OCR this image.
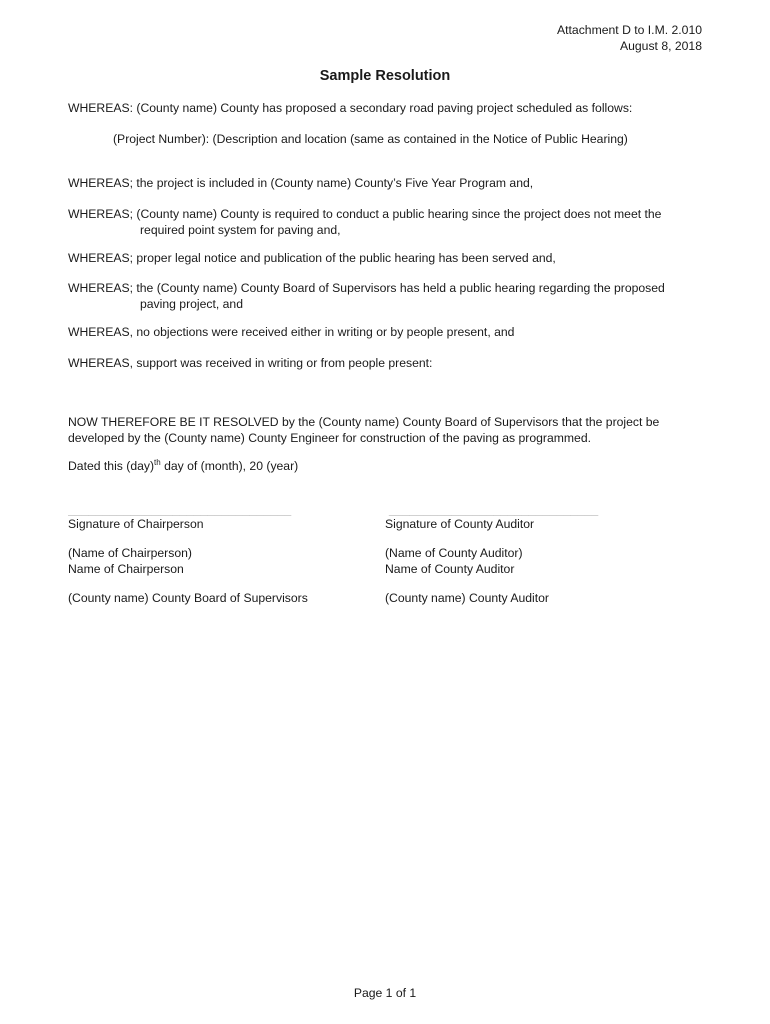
Attachment D to I.M. 2.010
August 8, 2018
Sample Resolution

WHEREAS: (County name) County has proposed a secondary road paving project scheduled as follows:

(Project Number): (Description and location (same as contained in the Notice of Public Hearing)

WHEREAS; the project is included in (County name) County’s Five Year Program and,

WHEREAS; (County name) County is required to conduct a public hearing since the project does not meet the
required point system for paving and,

WHEREAS; proper legal notice and publication of the public hearing has been served and,

WHEREAS; the (County name) County Board of Supervisors has held a public hearing regarding the proposed
paving project, and

WHEREAS, no objections were received either in writing or by people present, and

WHEREAS, support was received in writing or from people present:

NOW THEREFORE BE IT RESOLVED by the (County name) County Board of Supervisors that the project be
developed by the (County name) County Engineer for construction of the paving as programmed.

Dated this (day)$^{th}$ day of (month), 20 (year)

________________________________
Signature of Chairperson
(Name of Chairperson)
Name of Chairperson
(County name) County Board of Supervisors
______________________________
Signature of County Auditor
(Name of County Auditor)
Name of County Auditor
(County name) County Auditor
Page 1 of 1
